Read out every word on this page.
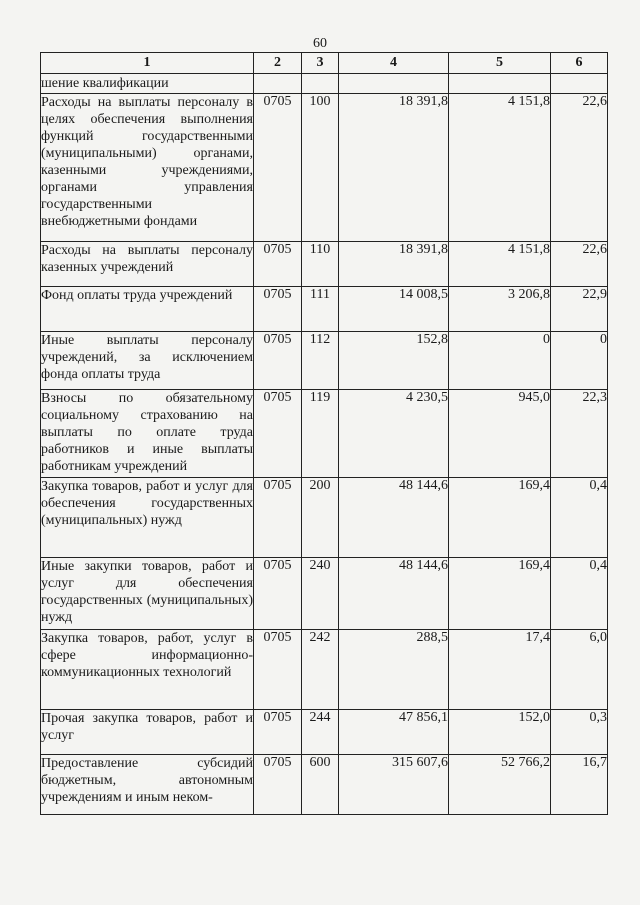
60
1	2	3	4	5	6
шение квалификации					
Расходы на выплаты персоналу в целях обеспечения выполнения функций государственными (муниципальными) органами, казенными учреждениями, органами управления государственными внебюджетными фондами	0705	100	18 391,8	4 151,8	22,6
Расходы на выплаты персоналу казенных учреждений	0705	110	18 391,8	4 151,8	22,6
Фонд оплаты труда учреждений	0705	111	14 008,5	3 206,8	22,9
Иные выплаты персоналу учреждений, за исключением фонда оплаты труда	0705	112	152,8	0	0
Взносы по обязательному социальному страхованию на выплаты по оплате труда работников и иные выплаты работникам учреждений	0705	119	4 230,5	945,0	22,3
Закупка товаров, работ и услуг для обеспечения государственных (муниципальных) нужд	0705	200	48 144,6	169,4	0,4
Иные закупки товаров, работ и услуг для обеспечения государственных (муниципальных) нужд	0705	240	48 144,6	169,4	0,4
Закупка товаров, работ, услуг в сфере информационно-коммуникационных технологий	0705	242	288,5	17,4	6,0
Прочая закупка товаров, работ и услуг	0705	244	47 856,1	152,0	0,3
Предоставление субсидий бюджетным, автономным учреждениям и иным неком-	0705	600	315 607,6	52 766,2	16,7
